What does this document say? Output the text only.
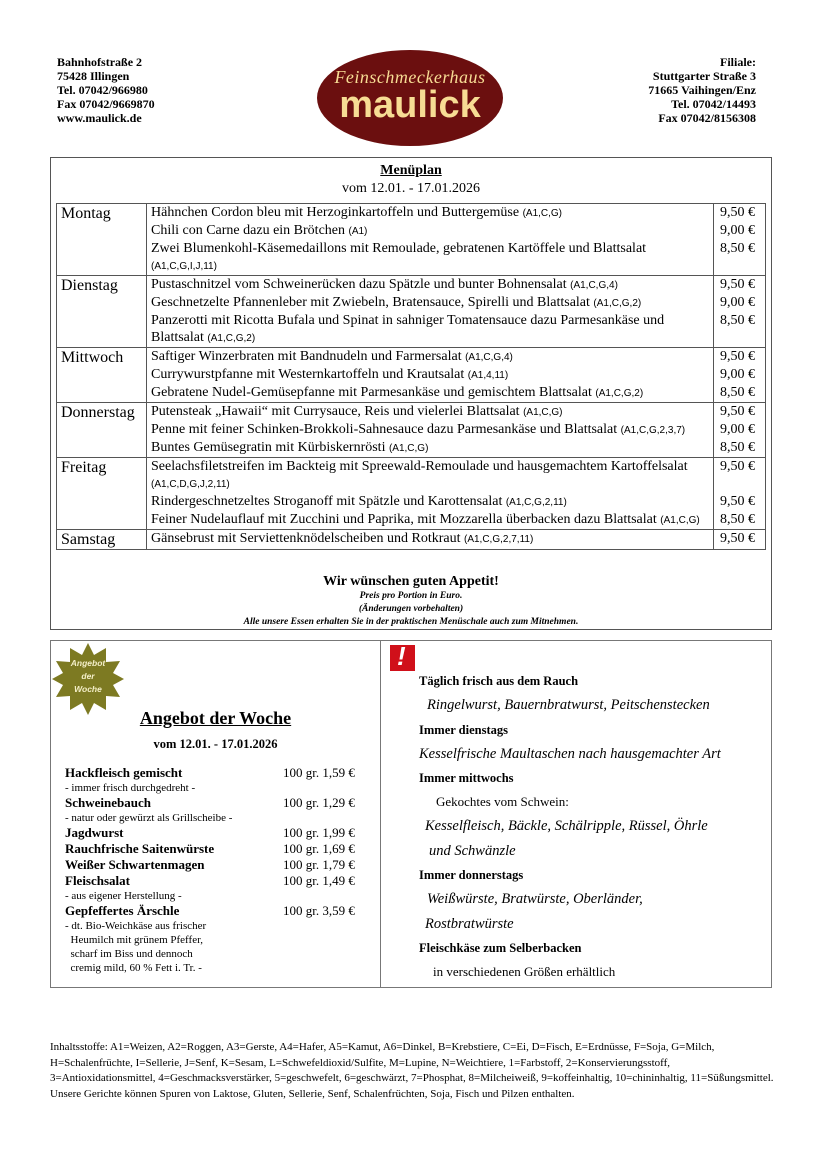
Bahnhofstraße 2
75428 Illingen
Tel. 07042/966980
Fax 07042/9669870
www.maulick.de
Feinschmeckerhaus
maulick
Filiale:
Stuttgarter Straße 3
71665 Vaihingen/Enz
Tel. 07042/14493
Fax 07042/8156308
Menüplan
vom 12.01. - 17.01.2026
Montag	Hähnchen Cordon bleu mit Herzoginkartoffeln und Buttergemüse (A1,C,G)	9,50 €
	Chili con Carne dazu ein Brötchen (A1)	9,00 €
	Zwei Blumenkohl-Käsemedaillons mit Remoulade, gebratenen Kartöffele und Blattsalat (A1,C,G,I,J,11)	8,50 €
Dienstag	Pustaschnitzel vom Schweinerücken dazu Spätzle und bunter Bohnensalat (A1,C,G,4)	9,50 €
	Geschnetzelte Pfannenleber mit Zwiebeln, Bratensauce, Spirelli und Blattsalat (A1,C,G,2)	9,00 €
	Panzerotti mit Ricotta Bufala und Spinat in sahniger Tomatensauce dazu Parmesankäse und Blattsalat (A1,C,G,2)	8,50 €
Mittwoch	Saftiger Winzerbraten mit Bandnudeln und Farmersalat (A1,C,G,4)	9,50 €
	Currywurstpfanne mit Westernkartoffeln und Krautsalat (A1,4,11)	9,00 €
	Gebratene Nudel-Gemüsepfanne mit Parmesankäse und gemischtem Blattsalat (A1,C,G,2)	8,50 €
Donnerstag	Putensteak „Hawaii“ mit Currysauce, Reis und vielerlei Blattsalat (A1,C,G)	9,50 €
	Penne mit feiner Schinken-Brokkoli-Sahnesauce dazu Parmesankäse und Blattsalat (A1,C,G,2,3,7)	9,00 €
	Buntes Gemüsegratin mit Kürbiskernrösti (A1,C,G)	8,50 €
Freitag	Seelachsfiletstreifen im Backteig mit Spreewald-Remoulade und hausgemachtem Kartoffelsalat (A1,C,D,G,J,2,11)	9,50 €
	Rindergeschnetzeltes Stroganoff mit Spätzle und Karottensalat (A1,C,G,2,11)	9,50 €
	Feiner Nudelauflauf mit Zucchini und Paprika, mit Mozzarella überbacken dazu Blattsalat (A1,C,G)	8,50 €
Samstag	Gänsebrust mit Serviettenknödelscheiben und Rotkraut (A1,C,G,2,7,11)	9,50 €
Wir wünschen guten Appetit!
Preis pro Portion in Euro.
(Änderungen vorbehalten)
Alle unsere Essen erhalten Sie in der praktischen Menüschale auch zum Mitnehmen.
Angebot
der
Woche
Angebot der Woche
vom 12.01. - 17.01.2026
Hackfleisch gemischt	100 gr. 1,59 €
- immer frisch durchgedreht -
Schweinebauch	100 gr. 1,29 €
- natur oder gewürzt als Grillscheibe -
Jagdwurst	100 gr. 1,99 €
Rauchfrische Saitenwürste	100 gr. 1,69 €
Weißer Schwartenmagen	100 gr. 1,79 €
Fleischsalat	100 gr. 1,49 €
- aus eigener Herstellung -
Gepfeffertes Ärschle	100 gr. 3,59 €
- dt. Bio-Weichkäse aus frischer
Heumilch mit grünem Pfeffer,
scharf im Biss und dennoch
cremig mild, 60 % Fett i. Tr. -
!
Täglich frisch aus dem Rauch
Ringelwurst, Bauernbratwurst, Peitschenstecken
Immer dienstags
Kesselfrische Maultaschen nach hausgemachter Art
Immer mittwochs
Gekochtes vom Schwein:
Kesselfleisch, Bäckle, Schälripple, Rüssel, Öhrle
und Schwänzle
Immer donnerstags
Weißwürste, Bratwürste, Oberländer,
Rostbratwürste
Fleischkäse zum Selberbacken
in verschiedenen Größen erhältlich
Inhaltsstoffe: A1=Weizen, A2=Roggen, A3=Gerste, A4=Hafer, A5=Kamut, A6=Dinkel, B=Krebstiere, C=Ei, D=Fisch, E=Erdnüsse, F=Soja, G=Milch, H=Schalenfrüchte, I=Sellerie, J=Senf, K=Sesam, L=Schwefeldioxid/Sulfite, M=Lupine, N=Weichtiere, 1=Farbstoff, 2=Konservierungsstoff, 3=Antioxidationsmittel, 4=Geschmacksverstärker, 5=geschwefelt, 6=geschwärzt, 7=Phosphat, 8=Milcheiweiß, 9=koffeinhaltig, 10=chininhaltig, 11=Süßungsmittel. Unsere Gerichte können Spuren von Laktose, Gluten, Sellerie, Senf, Schalenfrüchten, Soja, Fisch und Pilzen enthalten.
